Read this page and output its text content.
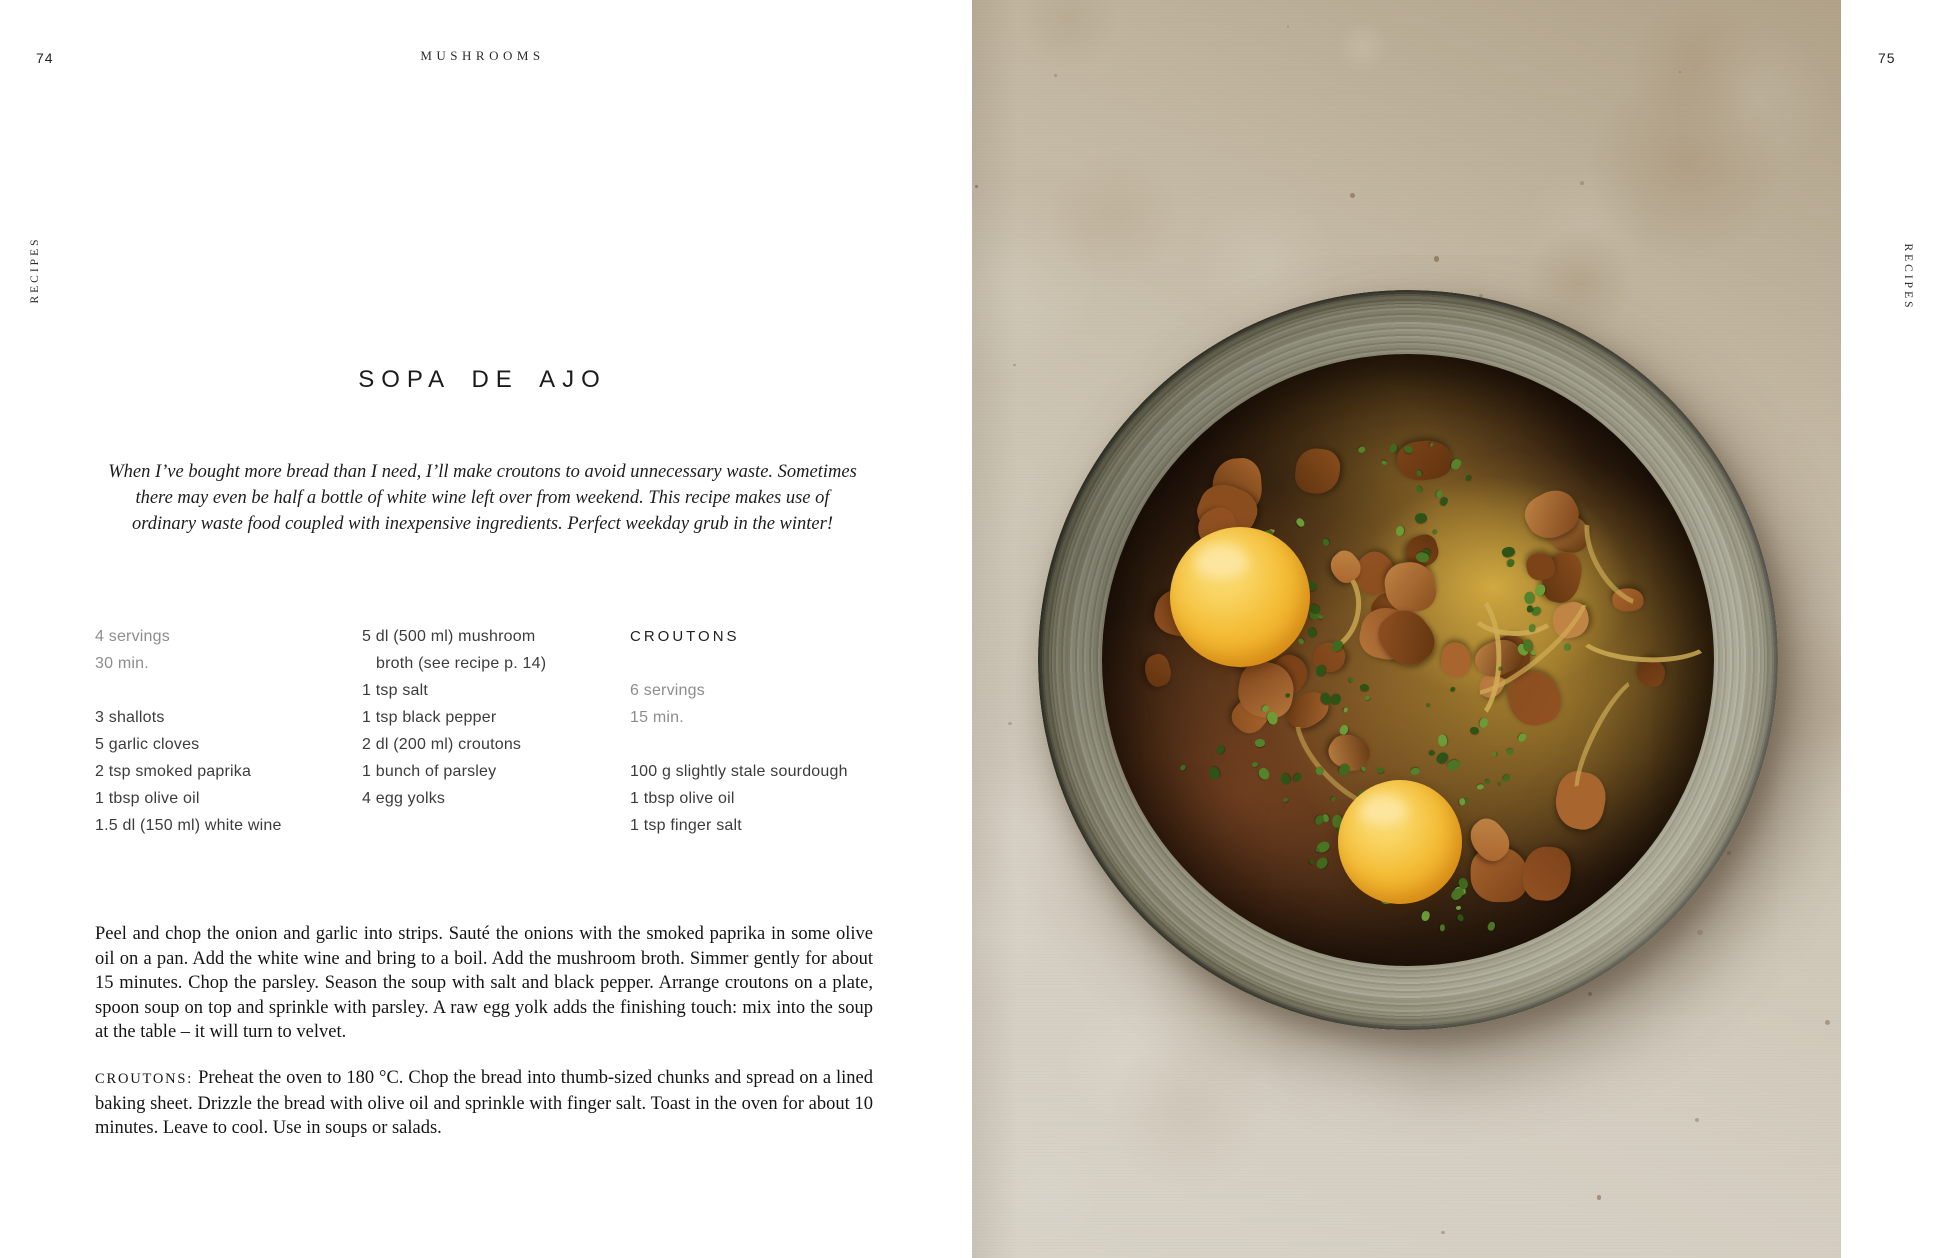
74	MUSHROOMS
RECIPES
SOPA DE AJO
When I’ve bought more bread than I need, I’ll make croutons to avoid unnecessary waste. Sometimes
there may even be half a bottle of white wine left over from weekend. This recipe makes use of
ordinary waste food coupled with inexpensive ingredients. Perfect weekday grub in the winter!
4 servings
30 min.
3 shallots
5 garlic cloves
2 tsp smoked paprika
1 tbsp olive oil
1.5 dl (150 ml) white wine
5 dl (500 ml) mushroom
broth (see recipe p. 14)
1 tsp salt
1 tsp black pepper
2 dl (200 ml) croutons
1 bunch of parsley
4 egg yolks
CROUTONS
6 servings
15 min.
100 g slightly stale sourdough
1 tbsp olive oil
1 tsp finger salt

Peel and chop the onion and garlic into strips. Sauté the onions with the smoked paprika in some olive oil on a pan. Add the white wine and bring to a boil. Add the mushroom broth. Simmer gently for about 15 minutes. Chop the parsley. Season the soup with salt and black pepper. Arrange croutons on a plate, spoon soup on top and sprinkle with parsley. A raw egg yolk adds the finishing touch: mix into the soup at the table – it will turn to velvet.

CROUTONS: Preheat the oven to 180 °C. Chop the bread into thumb-sized chunks and spread on a lined baking sheet. Drizzle the bread with olive oil and sprinkle with finger salt. Toast in the oven for about 10 minutes. Leave to cool. Use in soups or salads.

75
RECIPES
